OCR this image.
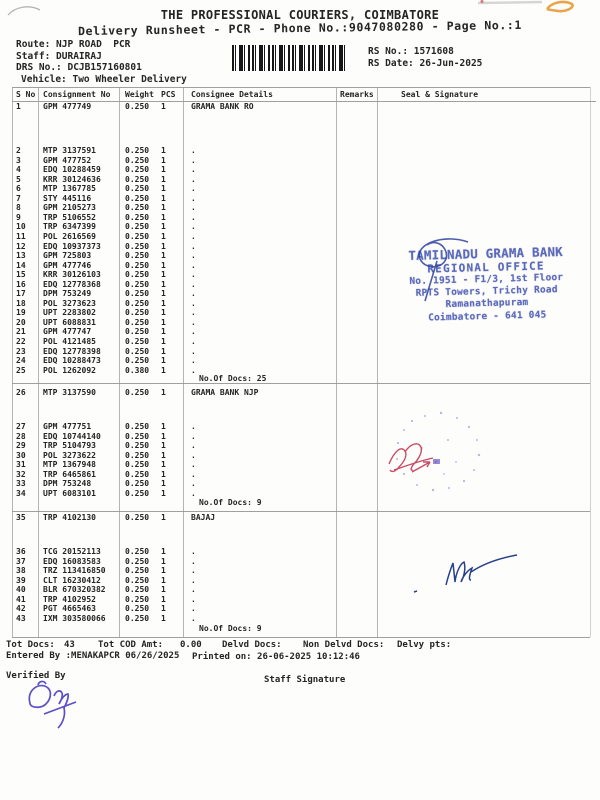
THE PROFESSIONAL COURIERS, COIMBATORE
Delivery Runsheet - PCR - Phone No.:9047080280 - Page No.:1
Route: NJP ROAD  PCR
Staff: DURAIRAJ
DRS No.: DCJB157160801
Vehicle: Two Wheeler Delivery
RS No.: 1571608
RS Date: 26-Jun-2025
S No Consignment No	Weight PCS	Consignee Details	Remarks	Seal & Signature
1	GPM 477749	0.250	1	GRAMA BANK RO
2	MTP 3137591	0.250	1	.
3	GPM 477752	0.250	1	.
4	EDQ 10288459	0.250	1	.
5	KRR 30124636	0.250	1	.
6	MTP 1367785	0.250	1	.
7	STY 445116	0.250	1	.
8	GPM 2105273	0.250	1	.
9	TRP 5106552	0.250	1	.
10	TRP 6347399	0.250	1	.
11	POL 2616569	0.250	1	.
12	EDQ 10937373	0.250	1	.
13	GPM 725803	0.250	1	.
14	GPM 477746	0.250	1	.
15	KRR 30126103	0.250	1	.
16	EDQ 12778368	0.250	1	.
17	DPM 753249	0.250	1	.
18	POL 3273623	0.250	1	.
19	UPT 2283802	0.250	1	.
20	UPT 6088831	0.250	1	.
21	GPM 477747	0.250	1	.
22	POL 4121485	0.250	1	.
23	EDQ 12778398	0.250	1	.
24	EDQ 10288473	0.250	1	.
25	POL 1262092	0.380	1	.
No.Of Docs: 25
26	MTP 3137590	0.250	1	GRAMA BANK NJP
27	GPM 477751	0.250	1	.
28	EDQ 10744140	0.250	1	.
29	TRP 5104793	0.250	1	.
30	POL 3273622	0.250	1	.
31	MTP 1367948	0.250	1	.
32	TRP 6465861	0.250	1	.
33	DPM 753248	0.250	1	.
34	UPT 6083101	0.250	1	.
No.Of Docs: 9
35	TRP 4102130	0.250	1	BAJAJ
36	TCG 20152113	0.250	1	.
37	EDQ 16083583	0.250	1	.
38	TRZ 113416850	0.250	1	.
39	CLT 16230412	0.250	1	.
40	BLR 670320382	0.250	1	.
41	TRP 4102952	0.250	1	.
42	PGT 4665463	0.250	1	.
43	IXM 303580066	0.250	1	.
No.Of Docs: 9
TAMILNADU GRAMA BANK
REGIONAL OFFICE
No. 1951 - F1/3, 1st Floor
RPTS Towers, Trichy Road
Ramanathapuram
Coimbatore - 641 045
Tot Docs: 43	Tot COD Amt: 0.00 Delvd Docs: Non Delvd Docs: Delvy pts:
Entered By :MENAKAPCR 06/26/2025 Printed on: 26-06-2025 10:12:46
Verified By	Staff Signature
